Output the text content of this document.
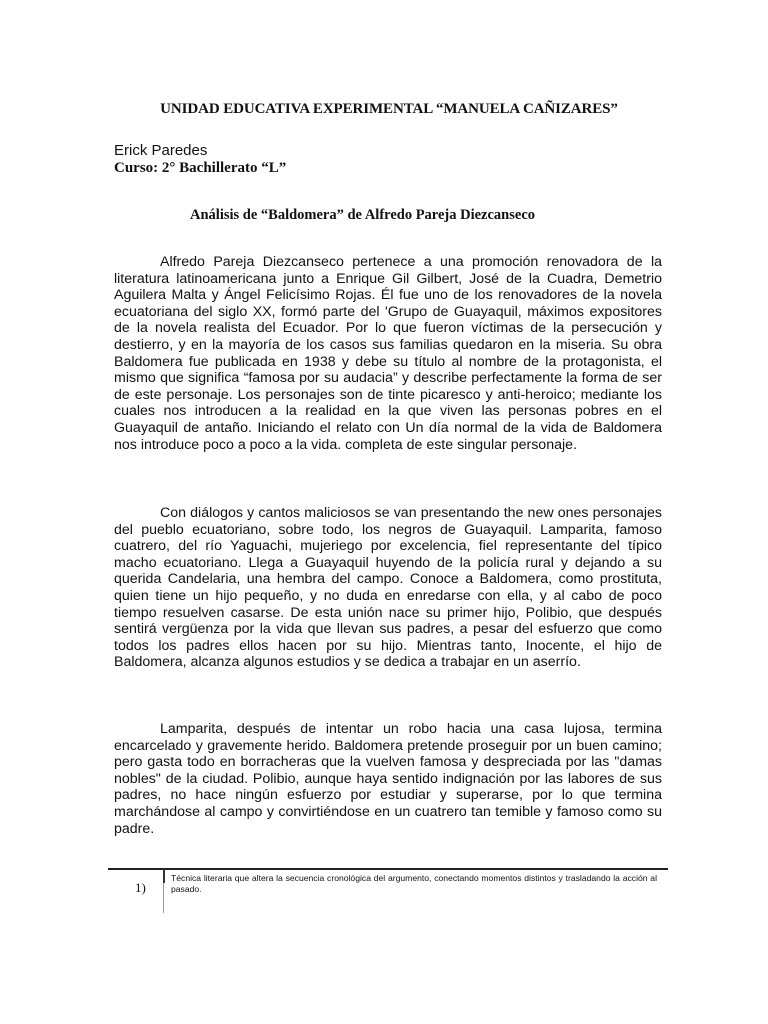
UNIDAD EDUCATIVA EXPERIMENTAL “MANUELA CAÑIZARES”
Erick Paredes
Curso: 2° Bachillerato “L”
Análisis de “Baldomera” de Alfredo Pareja Diezcanseco

Alfredo Pareja Diezcanseco pertenece a una promoción renovadora de la literatura latinoamericana junto a Enrique Gil Gilbert, José de la Cuadra, Demetrio Aguilera Malta y Ángel Felicísimo Rojas. Él fue uno de los renovadores de la novela ecuatoriana del siglo XX, formó parte del 'Grupo de Guayaquil, máximos expositores de la novela realista del Ecuador. Por lo que fueron víctimas de la persecución y destierro, y en la mayoría de los casos sus familias quedaron en la miseria. Su obra Baldomera fue publicada en 1938 y debe su título al nombre de la protagonista, el mismo que significa “famosa por su audacia” y describe perfectamente la forma de ser de este personaje. Los personajes son de tinte picaresco y anti-heroico; mediante los cuales nos introducen a la realidad en la que viven las personas pobres en el Guayaquil de antaño. Iniciando el relato con Un día normal de la vida de Baldomera nos introduce poco a poco a la vida. completa de este singular personaje.

Con diálogos y cantos maliciosos se van presentando the new ones personajes del pueblo ecuatoriano, sobre todo, los negros de Guayaquil. Lamparita, famoso cuatrero, del río Yaguachi, mujeriego por excelencia, fiel representante del típico macho ecuatoriano. Llega a Guayaquil huyendo de la policía rural y dejando a su querida Candelaria, una hembra del campo. Conoce a Baldomera, como prostituta, quien tiene un hijo pequeño, y no duda en enredarse con ella, y al cabo de poco tiempo resuelven casarse. De esta unión nace su primer hijo, Polibio, que después sentirá vergüenza por la vida que llevan sus padres, a pesar del esfuerzo que como todos los padres ellos hacen por su hijo. Mientras tanto, Inocente, el hijo de Baldomera, alcanza algunos estudios y se dedica a trabajar en un aserrío.

Lamparita, después de intentar un robo hacia una casa lujosa, termina encarcelado y gravemente herido. Baldomera pretende proseguir por un buen camino; pero gasta todo en borracheras que la vuelven famosa y despreciada por las "damas nobles" de la ciudad. Polibio, aunque haya sentido indignación por las labores de sus padres, no hace ningún esfuerzo por estudiar y superarse, por lo que termina marchándose al campo y convirtiéndose en un cuatrero tan temible y famoso como su padre.

1)

Técnica literaria que altera la secuencia cronológica del argumento, conectando momentos distintos y trasladando la acción al pasado.
